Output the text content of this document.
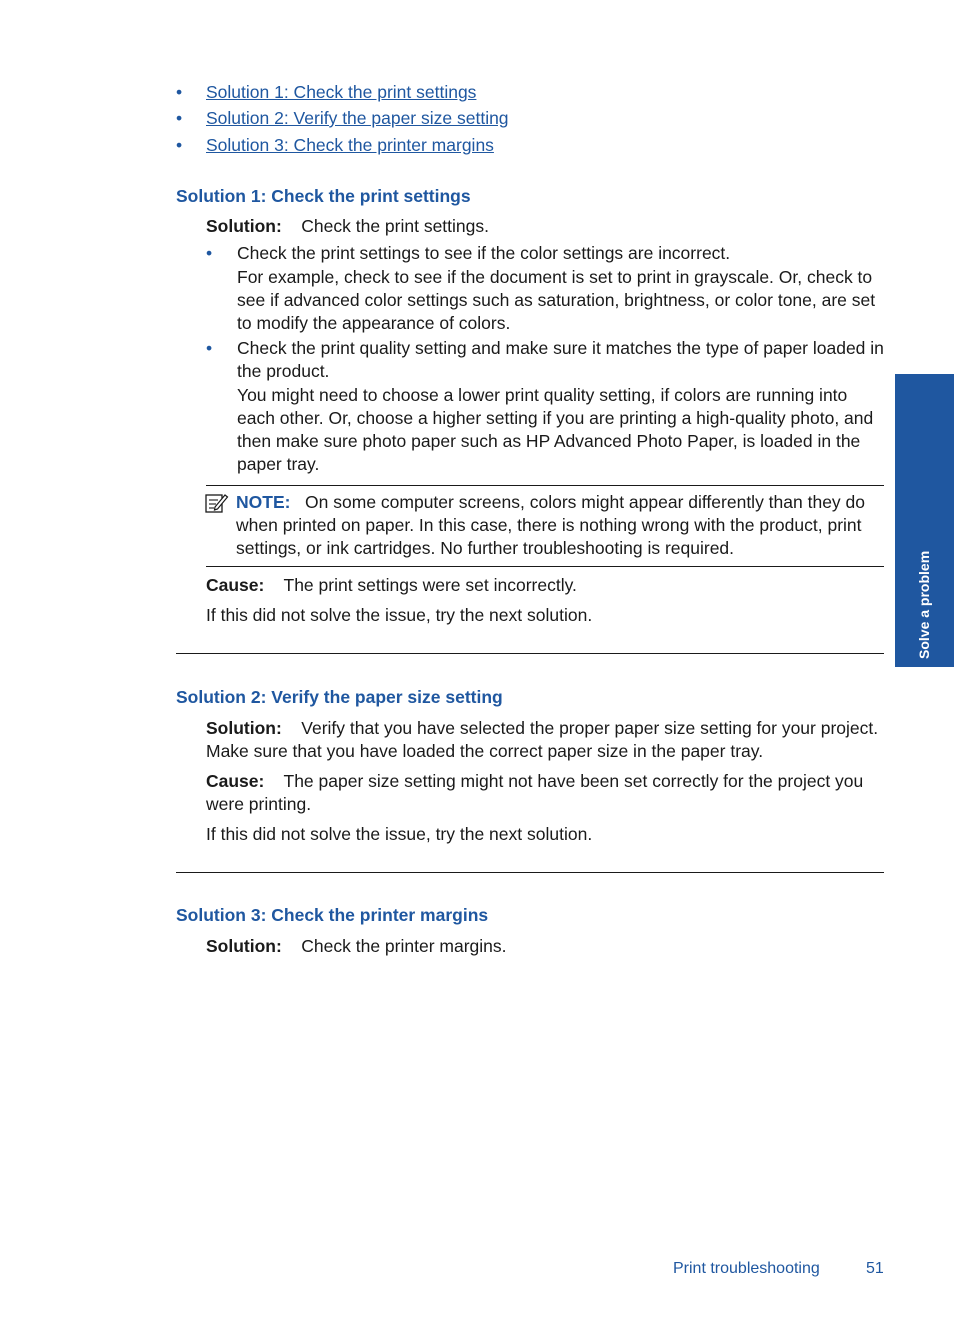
• Solution 1: Check the print settings
• Solution 2: Verify the paper size setting
• Solution 3: Check the printer margins
Solution 1: Check the print settings
Solution: Check the print settings.
• Check the print settings to see if the color settings are incorrect.
For example, check to see if the document is set to print in grayscale. Or, check to see if advanced color settings such as saturation, brightness, or color tone, are set to modify the appearance of colors.
• Check the print quality setting and make sure it matches the type of paper loaded in the product.
You might need to choose a lower print quality setting, if colors are running into each other. Or, choose a higher setting if you are printing a high-quality photo, and then make sure photo paper such as HP Advanced Photo Paper, is loaded in the paper tray.
NOTE: On some computer screens, colors might appear differently than they do when printed on paper. In this case, there is nothing wrong with the product, print settings, or ink cartridges. No further troubleshooting is required.
Cause: The print settings were set incorrectly.
If this did not solve the issue, try the next solution.
Solution 2: Verify the paper size setting
Solution: Verify that you have selected the proper paper size setting for your project. Make sure that you have loaded the correct paper size in the paper tray.
Cause: The paper size setting might not have been set correctly for the project you were printing.
If this did not solve the issue, try the next solution.
Solution 3: Check the printer margins
Solution: Check the printer margins.
Solve a problem
Print troubleshooting	51
